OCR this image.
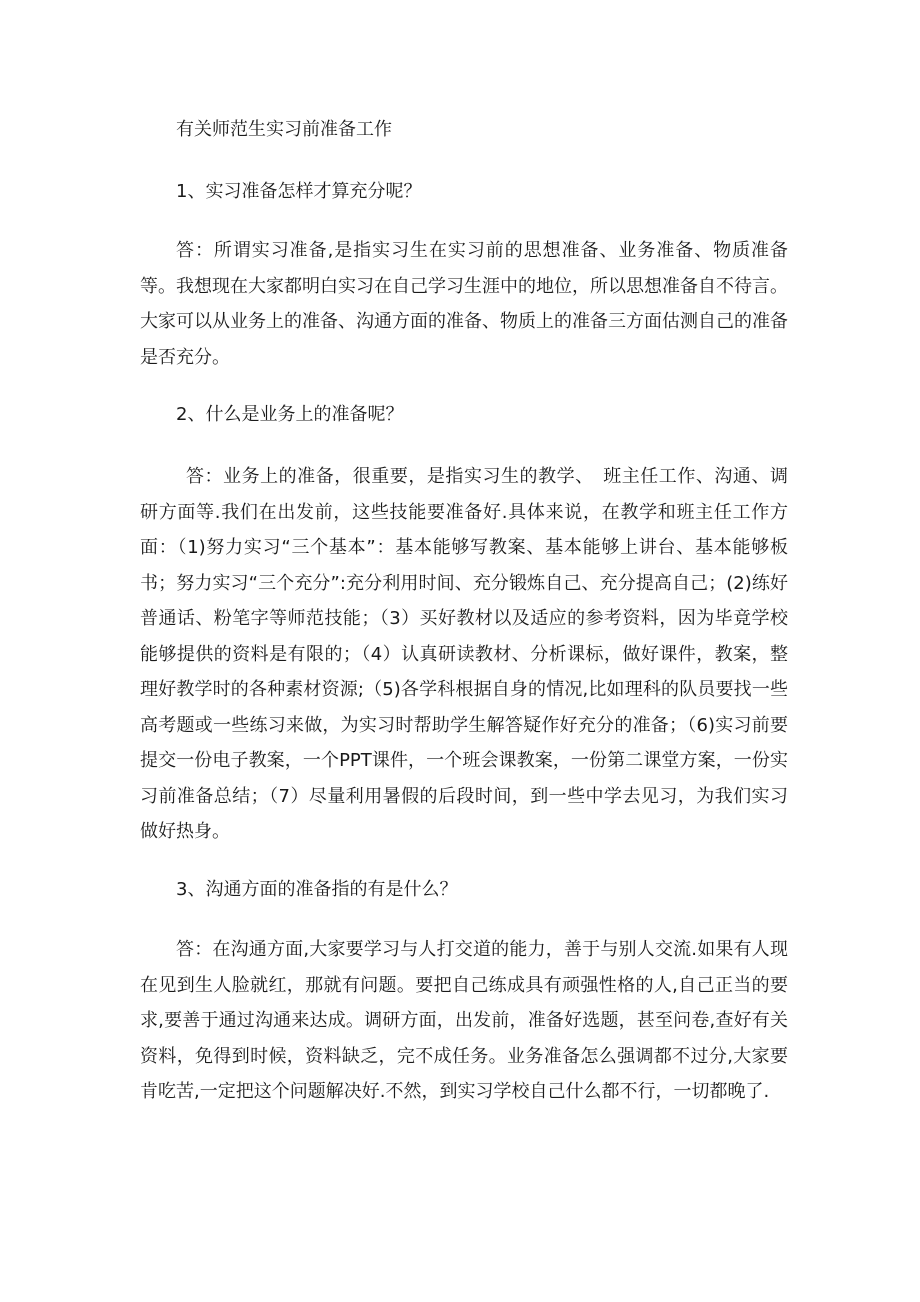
有关师范生实习前准备工作

1、实习准备怎样才算充分呢？

答：所谓实习准备,是指实习生在实习前的思想准备、业务准备、物质准备等。我想现在大家都明白实习在自己学习生涯中的地位，所以思想准备自不待言。大家可以从业务上的准备、沟通方面的准备、物质上的准备三方面估测自己的准备是否充分。

2、什么是业务上的准备呢？

答：业务上的准备，很重要，是指实习生的教学、　班主任工作、沟通、调研方面等.我们在出发前，这些技能要准备好.具体来说，在教学和班主任工作方面：（1)努力实习“三个基本”：基本能够写教案、基本能够上讲台、基本能够板书；努力实习“三个充分”:充分利用时间、充分锻炼自己、充分提高自己；(2)练好普通话、粉笔字等师范技能；（3）买好教材以及适应的参考资料，因为毕竟学校能够提供的资料是有限的；（4）认真研读教材、分析课标，做好课件，教案，整理好教学时的各种素材资源;（5)各学科根据自身的情况,比如理科的队员要找一些高考题或一些练习来做，为实习时帮助学生解答疑作好充分的准备；（6)实习前要提交一份电子教案，一个PPT课件，一个班会课教案，一份第二课堂方案，一份实习前准备总结；（7）尽量利用暑假的后段时间，到一些中学去见习，为我们实习做好热身。

3、沟通方面的准备指的有是什么？

答：在沟通方面,大家要学习与人打交道的能力，善于与别人交流.如果有人现在见到生人脸就红，那就有问题。要把自己练成具有顽强性格的人,自己正当的要求,要善于通过沟通来达成。调研方面，出发前，准备好选题，甚至问卷,查好有关资料，免得到时候，资料缺乏，完不成任务。业务准备怎么强调都不过分,大家要肯吃苦,一定把这个问题解决好.不然，到实习学校自己什么都不行，一切都晚了.
